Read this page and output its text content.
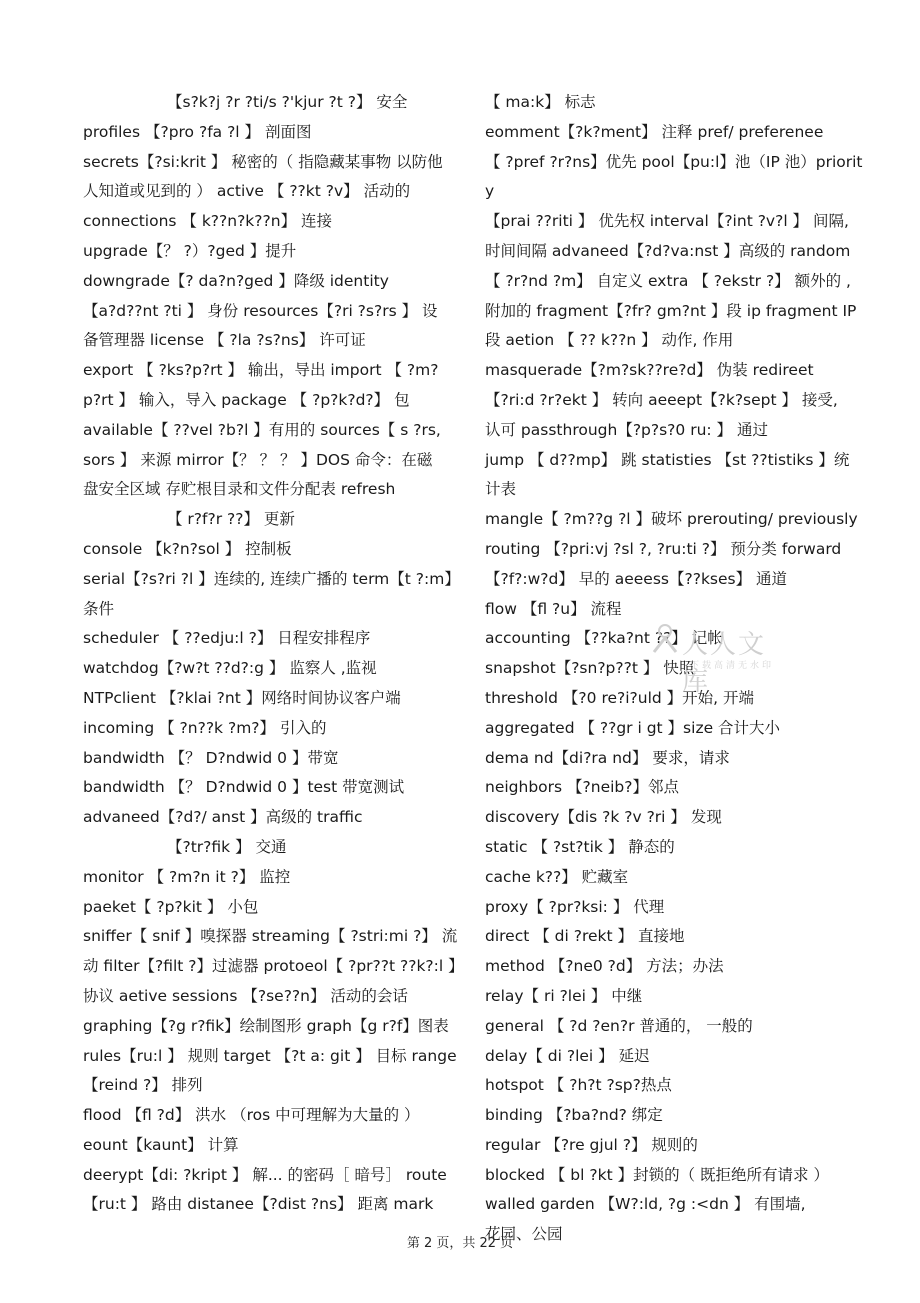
【s?k?j ?r ?ti/s ?'kjur ?t ?】 安全

profiles 【?pro ?fa ?l 】 剖面图

secrets【?si:krit 】 秘密的（ 指隐藏某事物 以防他

人知道或见到的 ） active 【 ??kt ?v】 活动的

connections 【 k??n?k??n】 连接

upgrade【？ ?）?ged 】提升

downgrade【? da?n?ged 】降级 identity

【a?d??nt ?ti 】 身份 resources【?ri ?s?rs 】 设

备管理器 license 【 ?la ?s?ns】 许可证

export 【 ?ks?p?rt 】 输出，导出 import 【 ?m?

p?rt 】 输入，导入 package 【 ?p?k?d?】 包

available【 ??vel ?b?l 】有用的 sources【 s ?rs,

sors 】 来源 mirror【？ ？ ？ 】DOS 命令：在磁

盘安全区域 存贮根目录和文件分配表 refresh

【 r?f?r ??】 更新

console 【k?n?sol 】 控制板

serial【?s?ri ?l 】连续的, 连续广播的 term【t ?:m】

条件

scheduler 【 ??edju:l ?】 日程安排程序

watchdog【?w?t ??d?:g 】 监察人 ,监视

NTPclient 【?klai ?nt 】网络时间协议客户端

incoming 【 ?n??k ?m?】 引入的

bandwidth 【？ D?ndwid 0 】带宽

bandwidth 【？ D?ndwid 0 】test 带宽测试

advaneed【?d?/ anst 】高级的 traffic

【?tr?fik 】 交通

monitor 【 ?m?n it ?】 监控

paeket【 ?p?kit 】 小包

sniffer【 snif 】嗅探器 streaming【 ?stri:mi ?】 流

动 filter【?filt ?】过滤器 protoeol【 ?pr??t ??k?:l 】

协议 aetive sessions 【?se??n】 活动的会话

graphing【?g r?fik】绘制图形 graph【g r?f】图表

rules【ru:l 】 规则 target 【?t a: git 】 目标 range

【reind ?】 排列

flood 【fl ?d】 洪水 （ros 中可理解为大量的 ）

eount【kaunt】 计算

deerypt【di: ?kript 】 解... 的密码［ 暗号］ route

【ru:t 】 路由 distanee【?dist ?ns】 距离 mark

【 ma:k】 标志

eomment【?k?ment】 注释 pref/ preferenee

【 ?pref ?r?ns】优先 pool【pu:l】池（IP 池）priority

【prai ??riti 】 优先权 interval【?int ?v?l 】 间隔,

时间间隔 advaneed【?d?va:nst 】高级的 random

【 ?r?nd ?m】 自定义 extra 【 ?ekstr ?】 额外的 ,

附加的 fragment【?fr? gm?nt 】段 ip fragment IP

段 aetion 【 ?? k??n 】 动作, 作用

masquerade【?m?sk??re?d】 伪装 redireet

【?ri:d ?r?ekt 】 转向 aeeept【?k?sept 】 接受,

认可 passthrough【?p?s?0 ru: 】 通过

jump 【 d??mp】 跳 statisties 【st ??tistiks 】统

计表

mangle【 ?m??g ?l 】破坏 prerouting/ previously

routing 【?pri:vj ?sl ?, ?ru:ti ?】 预分类 forward

【?f?:w?d】 早的 aeeess【??kses】 通道

flow 【fl ?u】 流程

accounting 【??ka?nt ??】 记帐

snapshot【?sn?p??t 】 快照

threshold 【?0 re?i?uld 】开始, 开端

aggregated 【 ??gr i gt 】size 合计大小

dema nd【di?ra nd】 要求，请求

neighbors 【?neib?】邻点

discovery【dis ?k ?v ?ri 】 发现

static 【 ?st?tik 】 静态的

cache k??】 贮藏室

proxy【 ?pr?ksi: 】 代理

direct 【 di ?rekt 】 直接地

method 【?ne0 ?d】 方法；办法

relay【 ri ?lei 】 中继

general 【 ?d ?en?r 普通的， 一般的

delay【 di ?lei 】 延迟

hotspot 【 ?h?t ?sp?热点

binding 【?ba?nd? 绑定

regular 【?re gjul ?】 规则的

blocked 【 bl ?kt 】封锁的（ 既拒绝所有请求 ）

walled garden 【W?:ld, ?g :<dn 】 有围墙,

花园、公园

人人文库
下载高清无水印
第 2 页，共 22 页
